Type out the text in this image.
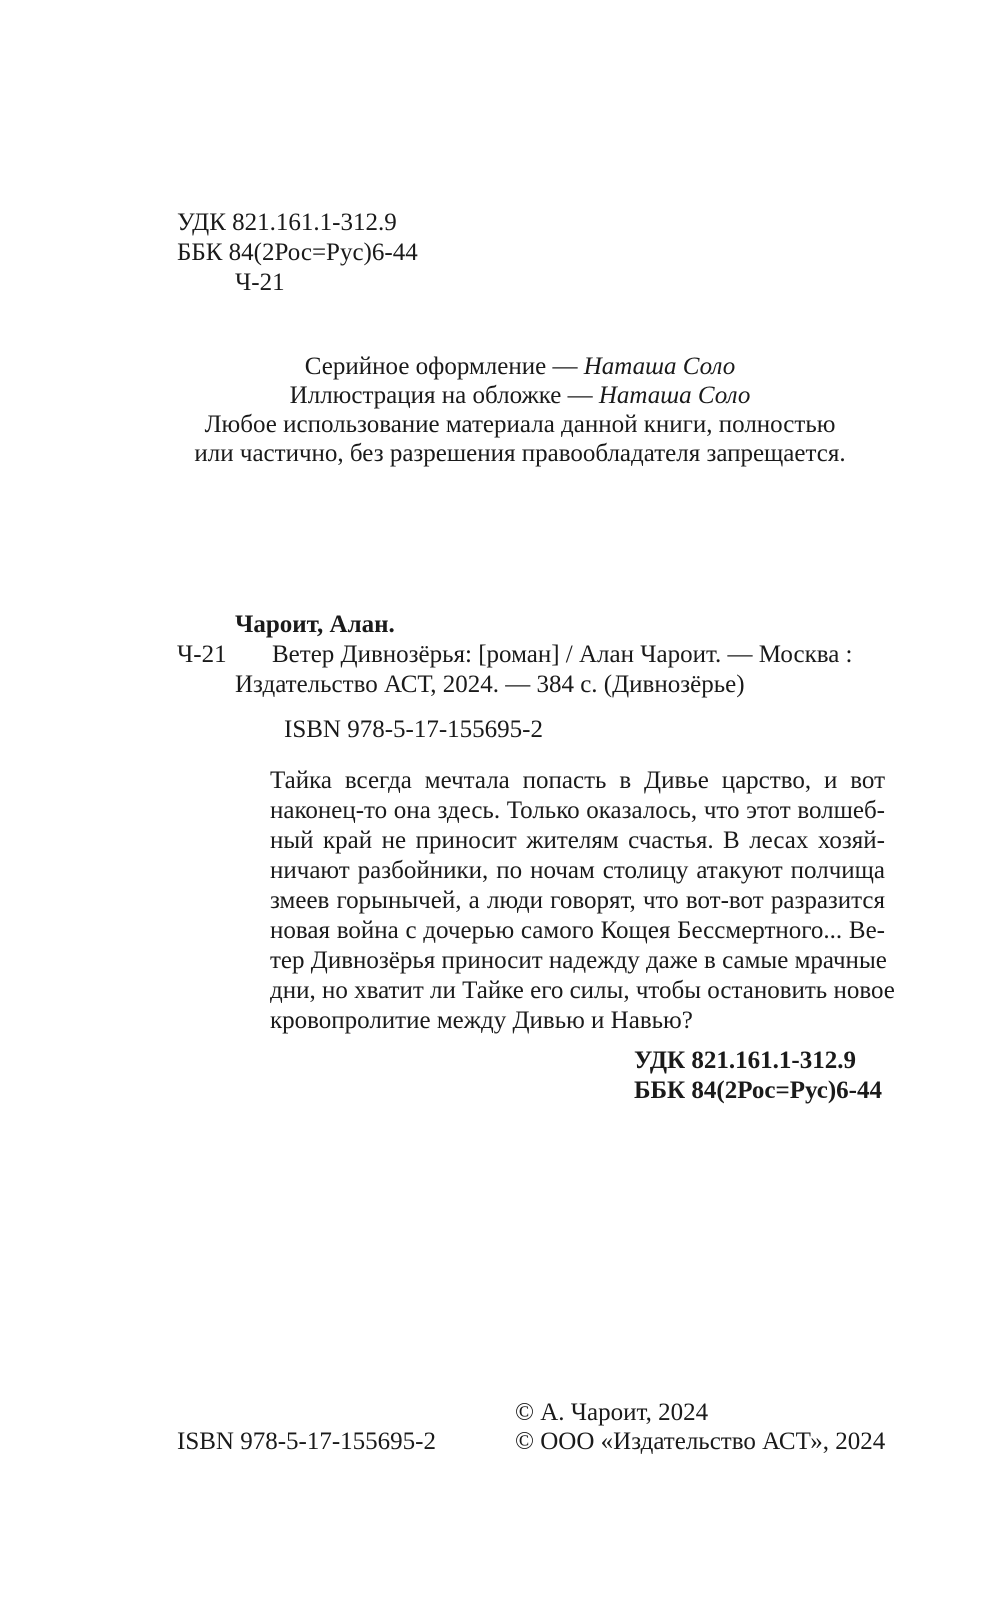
УДК 821.161.1-312.9
ББК 84(2Рос=Рус)6-44
Ч-21
Серийное оформление — Наташа Соло
Иллюстрация на обложке — Наташа Соло
Любое использование материала данной книги, полностью
или частично, без разрешения правообладателя запрещается.
Чароит, Алан.
Ч-21 Ветер Дивнозёрья: [роман] / Алан Чароит. — Москва :
Издательство АСТ, 2024. — 384 с. (Дивнозёрье)
ISBN 978-5-17-155695-2
Тайка всегда мечтала попасть в Дивье царство, и вот
наконец-то она здесь. Только оказалось, что этот волшеб-
ный край не приносит жителям счастья. В лесах хозяй-
ничают разбойники, по ночам столицу атакуют полчища
змеев горынычей, а люди говорят, что вот-вот разразится
новая война с дочерью самого Кощея Бессмертного... Ве-
тер Дивнозёрья приносит надежду даже в самые мрачные
дни, но хватит ли Тайке его силы, чтобы остановить новое
кровопролитие между Дивью и Навью?
УДК 821.161.1-312.9
ББК 84(2Рос=Рус)6-44
© А. Чароит, 2024
ISBN 978-5-17-155695-2	© ООО «Издательство АСТ», 2024
